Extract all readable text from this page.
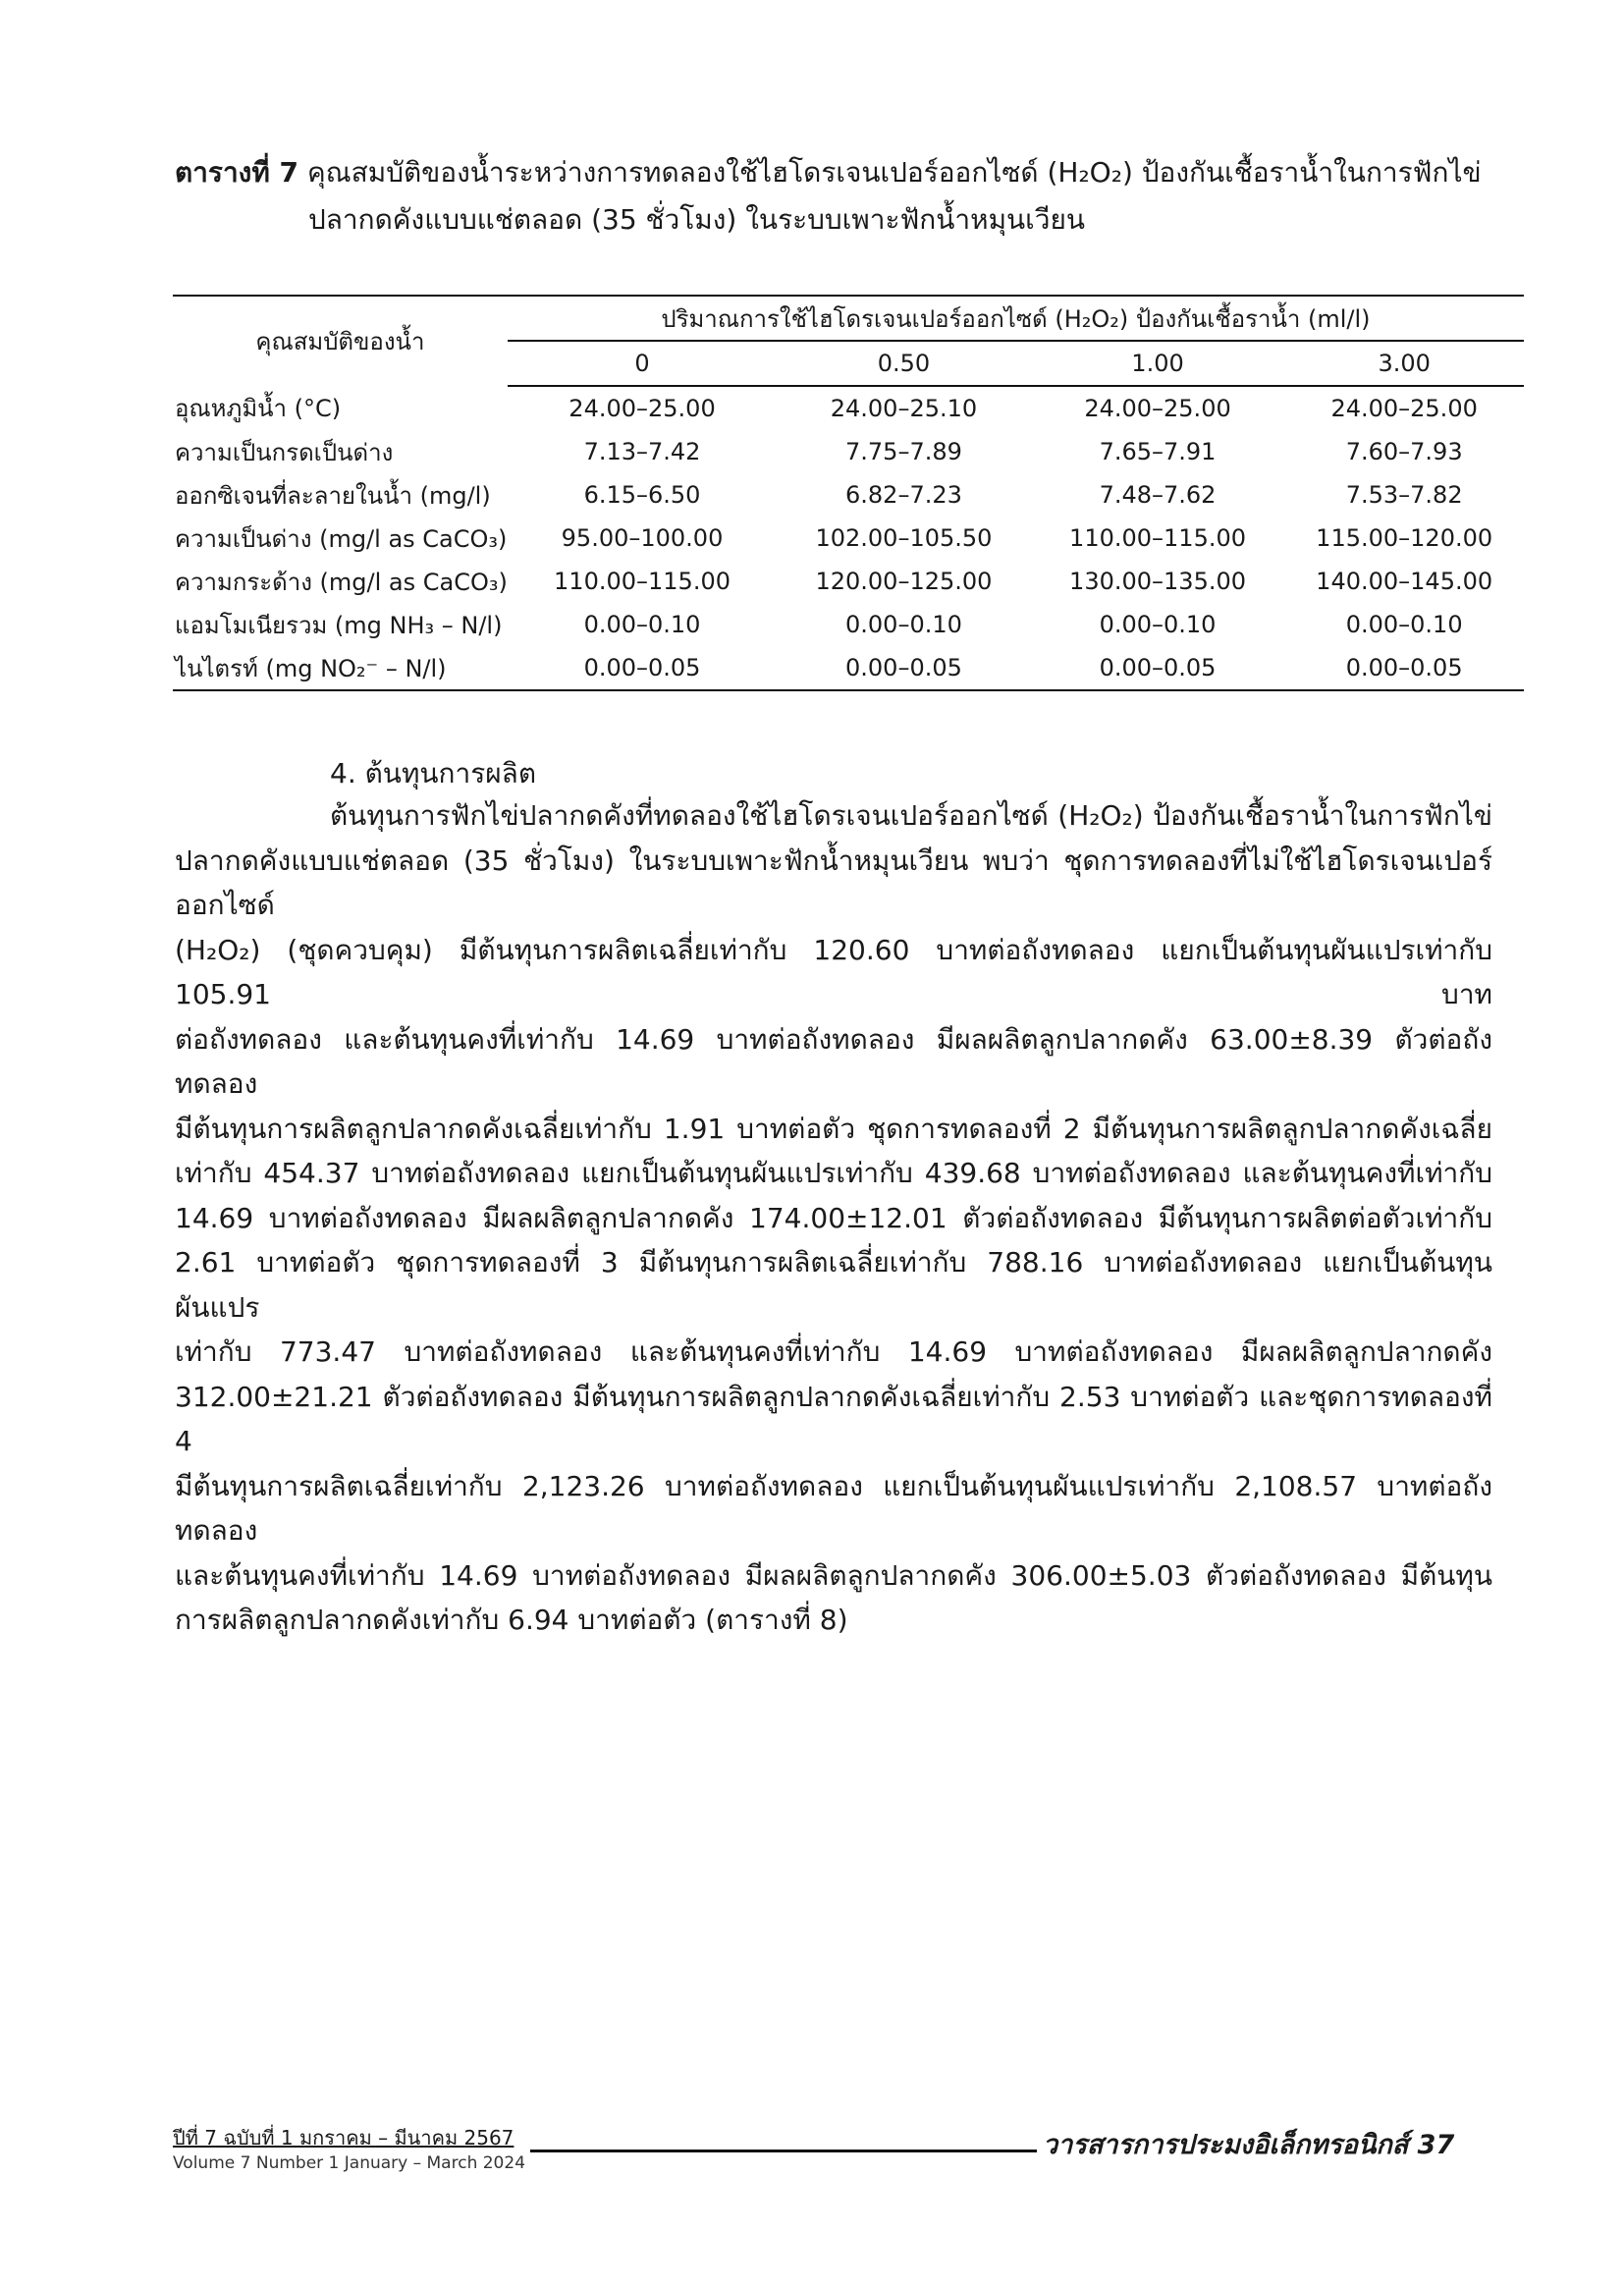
ตารางที่ 7 คุณสมบัติของน้ำระหว่างการทดลองใช้ไฮโดรเจนเปอร์ออกไซด์ (H₂O₂) ป้องกันเชื้อราน้ำในการฟักไข่
ปลากดคังแบบแช่ตลอด (35 ชั่วโมง) ในระบบเพาะฟักน้ำหมุนเวียน
คุณสมบัติของน้ำ	ปริมาณการใช้ไฮโดรเจนเปอร์ออกไซด์ (H₂O₂) ป้องกันเชื้อราน้ำ (ml/l)			
	0	0.50	1.00	3.00
อุณหภูมิน้ำ (°C)	24.00–25.00	24.00–25.10	24.00–25.00	24.00–25.00
ความเป็นกรดเป็นด่าง	7.13–7.42	7.75–7.89	7.65–7.91	7.60–7.93
ออกซิเจนที่ละลายในน้ำ (mg/l)	6.15–6.50	6.82–7.23	7.48–7.62	7.53–7.82
ความเป็นด่าง (mg/l as CaCO₃)	95.00–100.00	102.00–105.50	110.00–115.00	115.00–120.00
ความกระด้าง (mg/l as CaCO₃)	110.00–115.00	120.00–125.00	130.00–135.00	140.00–145.00
แอมโมเนียรวม (mg NH₃ – N/l)	0.00–0.10	0.00–0.10	0.00–0.10	0.00–0.10
ไนไตรท์ (mg NO₂⁻ – N/l)	0.00–0.05	0.00–0.05	0.00–0.05	0.00–0.05
4. ต้นทุนการผลิต
ต้นทุนการฟักไข่ปลากดคังที่ทดลองใช้ไฮโดรเจนเปอร์ออกไซด์ (H₂O₂) ป้องกันเชื้อราน้ำในการฟักไข่
ปลากดคังแบบแช่ตลอด (35 ชั่วโมง) ในระบบเพาะฟักน้ำหมุนเวียน พบว่า ชุดการทดลองที่ไม่ใช้ไฮโดรเจนเปอร์ออกไซด์
(H₂O₂) (ชุดควบคุม) มีต้นทุนการผลิตเฉลี่ยเท่ากับ 120.60 บาทต่อถังทดลอง แยกเป็นต้นทุนผันแปรเท่ากับ 105.91 บาท
ต่อถังทดลอง และต้นทุนคงที่เท่ากับ 14.69 บาทต่อถังทดลอง มีผลผลิตลูกปลากดคัง 63.00±8.39 ตัวต่อถังทดลอง
มีต้นทุนการผลิตลูกปลากดคังเฉลี่ยเท่ากับ 1.91 บาทต่อตัว ชุดการทดลองที่ 2 มีต้นทุนการผลิตลูกปลากดคังเฉลี่ย
เท่ากับ 454.37 บาทต่อถังทดลอง แยกเป็นต้นทุนผันแปรเท่ากับ 439.68 บาทต่อถังทดลอง และต้นทุนคงที่เท่ากับ
14.69 บาทต่อถังทดลอง มีผลผลิตลูกปลากดคัง 174.00±12.01 ตัวต่อถังทดลอง มีต้นทุนการผลิตต่อตัวเท่ากับ
2.61 บาทต่อตัว ชุดการทดลองที่ 3 มีต้นทุนการผลิตเฉลี่ยเท่ากับ 788.16 บาทต่อถังทดลอง แยกเป็นต้นทุนผันแปร
เท่ากับ 773.47 บาทต่อถังทดลอง และต้นทุนคงที่เท่ากับ 14.69 บาทต่อถังทดลอง มีผลผลิตลูกปลากดคัง
312.00±21.21 ตัวต่อถังทดลอง มีต้นทุนการผลิตลูกปลากดคังเฉลี่ยเท่ากับ 2.53 บาทต่อตัว และชุดการทดลองที่ 4
มีต้นทุนการผลิตเฉลี่ยเท่ากับ 2,123.26 บาทต่อถังทดลอง แยกเป็นต้นทุนผันแปรเท่ากับ 2,108.57 บาทต่อถังทดลอง
และต้นทุนคงที่เท่ากับ 14.69 บาทต่อถังทดลอง มีผลผลิตลูกปลากดคัง 306.00±5.03 ตัวต่อถังทดลอง มีต้นทุน
การผลิตลูกปลากดคังเท่ากับ 6.94 บาทต่อตัว (ตารางที่ 8)
ปีที่ 7 ฉบับที่ 1 มกราคม – มีนาคม 2567
Volume 7 Number 1 January – March 2024
วารสารการประมงอิเล็กทรอนิกส์ 37
